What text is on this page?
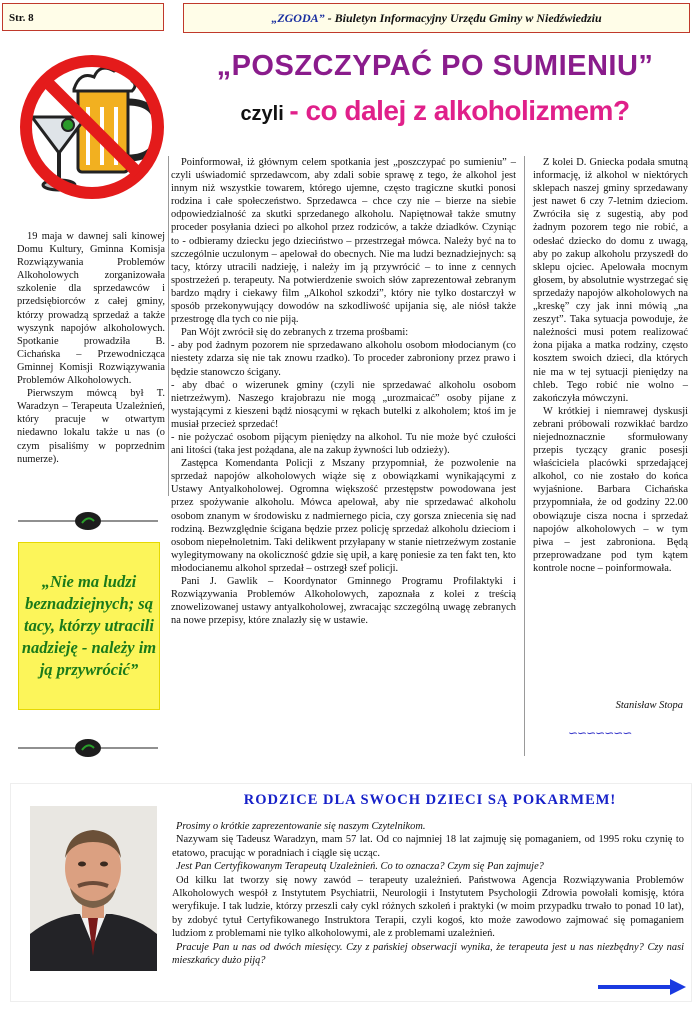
Str. 8	„ZGODA” - Biuletyn Informacyjny Urzędu Gminy w Niedźwiedziu
„POSZCZYPAĆ PO SUMIENIU”
czyli - co dalej z alkoholizmem?

19 maja w dawnej sali kinowej Domu Kultury, Gminna Komisja Rozwiązywania Problemów Alkoholowych zorganizowała szkolenie dla sprzedawców i przedsiębiorców z całej gminy, którzy prowadzą sprzedaż a także wyszynk napojów alkoholowych. Spotkanie prowadziła B. Cichańska – Przewodnicząca Gminnej Komisji Rozwiązywania Problemów Alkoholowych.

Pierwszym mówcą był T. Waradzyn – Terapeuta Uzależnień, który pracuje w otwartym niedawno lokalu także u nas (o czym pisaliśmy w poprzednim numerze).

„Nie ma ludzi beznadziejnych; są tacy, którzy utracili nadzieję - należy im ją przywrócić”

Poinformował, iż głównym celem spotkania jest „poszczypać po sumieniu” – czyli uświadomić sprzedawcom, aby zdali sobie sprawę z tego, że alkohol jest innym niż wszystkie towarem, którego ujemne, często tragiczne skutki ponosi rodzina i całe społeczeństwo. Sprzedawca – chce czy nie – bierze na siebie odpowiedzialność za skutki sprzedanego alkoholu. Napiętnował także smutny proceder posyłania dzieci po alkohol przez rodziców, a także dziadków. Czyniąc to - odbieramy dziecku jego dzieciństwo – przestrzegał mówca. Należy być na to szczególnie uczulonym – apelował do obecnych. Nie ma ludzi beznadziejnych: są tacy, którzy utracili nadzieję, i należy im ją przywrócić – to inne z cennych spostrzeżeń p. terapeuty. Na potwierdzenie swoich słów zaprezentował zebranym bardzo mądry i ciekawy film „Alkohol szkodzi”, który nie tylko dostarczył w sposób przekonywujący dowodów na szkodliwość upijania się, ale niósł także przestrogę dla tych co nie piją.

Pan Wójt zwrócił się do zebranych z trzema prośbami:

- aby pod żadnym pozorem nie sprzedawano alkoholu osobom młodocianym (co niestety zdarza się nie tak znowu rzadko). To proceder zabroniony przez prawo i będzie stanowczo ścigany.

- aby dbać o wizerunek gminy (czyli nie sprzedawać alkoholu osobom nietrzeźwym). Naszego krajobrazu nie mogą „urozmaicać” osoby pijane z wystającymi z kieszeni bądź niosącymi w rękach butelki z alkoholem; ktoś im je musiał przecież sprzedać!

- nie pożyczać osobom pijącym pieniędzy na alkohol. Tu nie może być czułości ani litości (taka jest pożądana, ale na zakup żywności lub odzieży).

Zastępca Komendanta Policji z Mszany przypomniał, że pozwolenie na sprzedaż napojów alkoholowych wiąże się z obowiązkami wynikającymi z Ustawy Antyalkoholowej. Ogromna większość przestępstw powodowana jest przez spożywanie alkoholu. Mówca apelował, aby nie sprzedawać alkoholu osobom znanym w środowisku z nadmiernego picia, czy gorsza zniecenia się nad rodziną. Bezwzględnie ścigana będzie przez policję sprzedaż alkoholu dzieciom i osobom niepełnoletnim. Taki delikwent przyłapany w stanie nietrzeźwym zostanie wylegitymowany na okoliczność gdzie się upił, a karę poniesie za ten fakt ten, kto młodocianemu alkohol sprzedał – ostrzegł szef policji.

Pani J. Gawlik – Koordynator Gminnego Programu Profilaktyki i Rozwiązywania Problemów Alkoholowych, zapoznała z kolei z treścią znowelizowanej ustawy antyalkoholowej, zwracając szczególną uwagę zebranych na nowe przepisy, które znalazły się w ustawie.

Z kolei D. Gniecka podała smutną informację, iż alkohol w niektórych sklepach naszej gminy sprzedawany jest nawet 6 czy 7-letnim dzieciom. Zwróciła się z sugestią, aby pod żadnym pozorem tego nie robić, a odesłać dziecko do domu z uwagą, aby po zakup alkoholu przyszedł do sklepu ojciec. Apelowała mocnym głosem, by absolutnie wystrzegać się sprzedaży napojów alkoholowych na „kreskę” czy jak inni mówią „na zeszyt”. Taka sytuacja powoduje, że należności musi potem realizować żona pijaka a matka rodziny, często kosztem swoich dzieci, dla których nie ma w tej sytuacji pieniędzy na chleb. Tego robić nie wolno – zakończyła mówczyni.

W krótkiej i niemrawej dyskusji zebrani próbowali rozwikłać bardzo niejednoznacznie sformułowany przepis tyczący granic posesji właściciela placówki sprzedającej alkohol, co nie zostało do końca wyjaśnione. Barbara Cichańska przypomniała, że od godziny 22.00 obowiązuje cisza nocna i sprzedaż napojów alkoholowych – w tym piwa – jest zabroniona. Będą przeprowadzane pod tym kątem kontrole nocne – poinformowała.

Stanisław Stopa
∽∽∽∽∽∽∽
RODZICE DLA SWOCH DZIECI SĄ POKARMEM!

Prosimy o krótkie zaprezentowanie się naszym Czytelnikom.

Nazywam się Tadeusz Waradzyn, mam 57 lat. Od co najmniej 18 lat zajmuję się pomaganiem, od 1995 roku czynię to etatowo, pracując w poradniach i ciągle się ucząc.

Jest Pan Certyfikowanym Terapeutą Uzależnień. Co to oznacza? Czym się Pan zajmuje?

Od kilku lat tworzy się nowy zawód – terapeuty uzależnień. Państwowa Agencja Rozwiązywania Problemów Alkoholowych wespół z Instytutem Psychiatrii, Neurologii i Instytutem Psychologii Zdrowia powołali komisję, która weryfikuje. I tak ludzie, którzy przeszli cały cykl różnych szkoleń i praktyki (w moim przypadku trwało to ponad 10 lat), by zdobyć tytuł Certyfikowanego Instruktora Terapii, czyli kogoś, kto może zawodowo zajmować się pomaganiem ludziom z problemami nie tylko alkoholowymi, ale z problemami uzależnień.

Pracuje Pan u nas od dwóch miesięcy. Czy z pańskiej obserwacji wynika, że terapeuta jest u nas niezbędny? Czy nasi mieszkańcy dużo piją?
